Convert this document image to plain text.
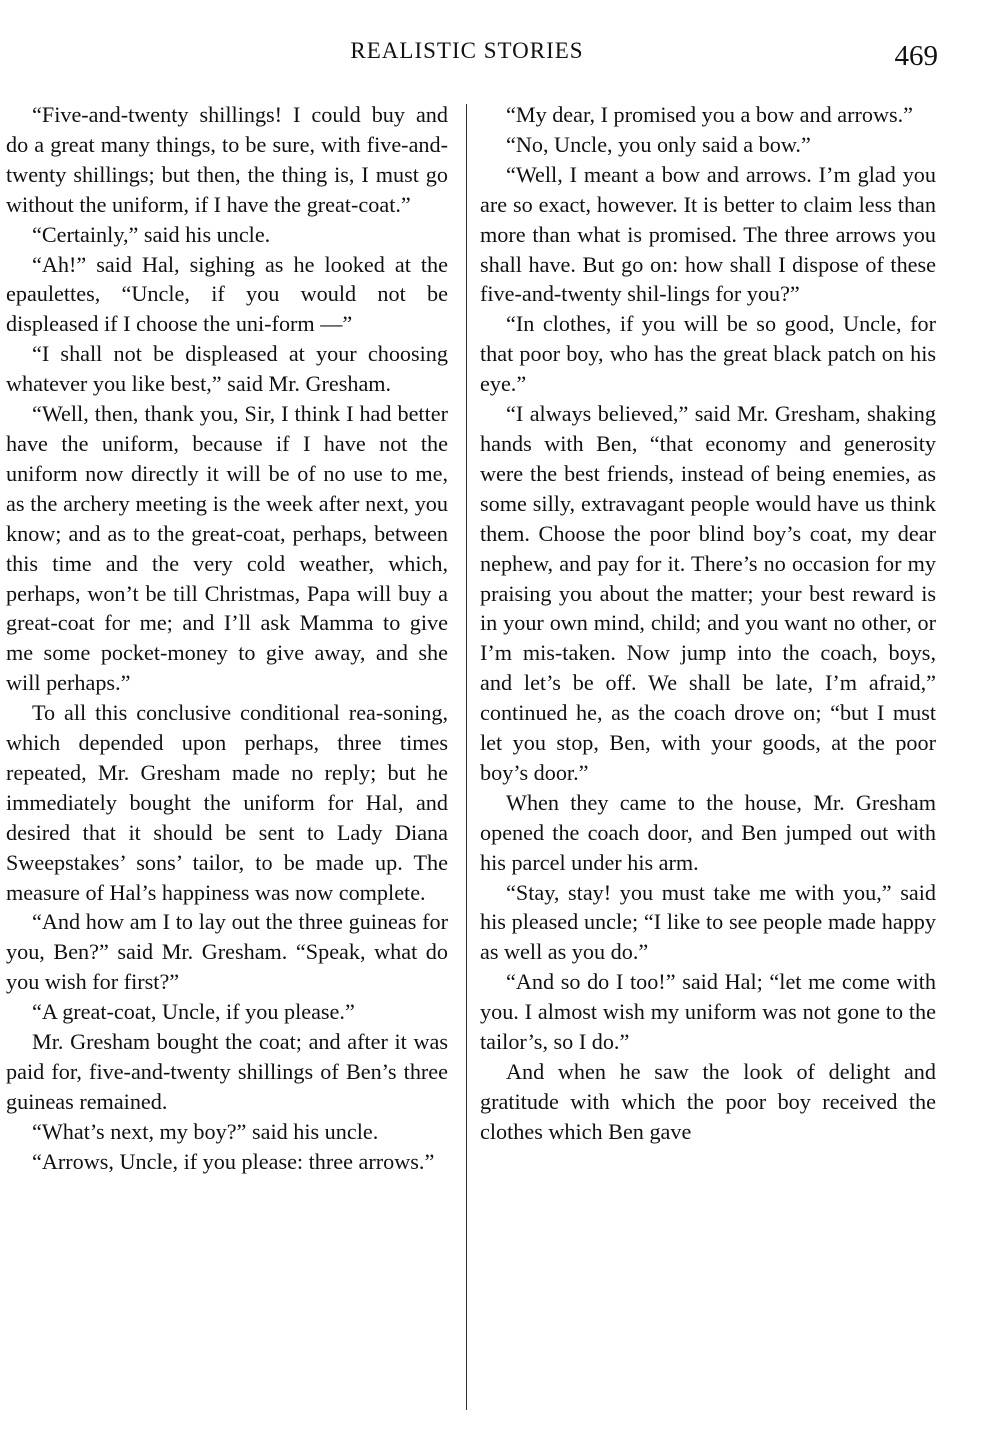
REALISTIC STORIES	469

“Five-and-twenty shillings! I could buy and do a great many things, to be sure, with five-and-twenty shillings; but then, the thing is, I must go without the uniform, if I have the great-coat.”

“Certainly,” said his uncle.

“Ah!” said Hal, sighing as he looked at the epaulettes, “Uncle, if you would not be displeased if I choose the uni-form —”

“I shall not be displeased at your choosing whatever you like best,” said Mr. Gresham.

“Well, then, thank you, Sir, I think I had better have the uniform, because if I have not the uniform now directly it will be of no use to me, as the archery meeting is the week after next, you know; and as to the great-coat, perhaps, between this time and the very cold weather, which, perhaps, won’t be till Christmas, Papa will buy a great-coat for me; and I’ll ask Mamma to give me some pocket-money to give away, and she will perhaps.”

To all this conclusive conditional rea-soning, which depended upon perhaps, three times repeated, Mr. Gresham made no reply; but he immediately bought the uniform for Hal, and desired that it should be sent to Lady Diana Sweepstakes’ sons’ tailor, to be made up. The measure of Hal’s happiness was now complete.

“And how am I to lay out the three guineas for you, Ben?” said Mr. Gresham. “Speak, what do you wish for first?”

“A great-coat, Uncle, if you please.”

Mr. Gresham bought the coat; and after it was paid for, five-and-twenty shillings of Ben’s three guineas remained.

“What’s next, my boy?” said his uncle.

“Arrows, Uncle, if you please: three arrows.”

“My dear, I promised you a bow and arrows.”

“No, Uncle, you only said a bow.”

“Well, I meant a bow and arrows. I’m glad you are so exact, however. It is better to claim less than more than what is promised. The three arrows you shall have. But go on: how shall I dispose of these five-and-twenty shil-lings for you?”

“In clothes, if you will be so good, Uncle, for that poor boy, who has the great black patch on his eye.”

“I always believed,” said Mr. Gresham, shaking hands with Ben, “that economy and generosity were the best friends, instead of being enemies, as some silly, extravagant people would have us think them. Choose the poor blind boy’s coat, my dear nephew, and pay for it. There’s no occasion for my praising you about the matter; your best reward is in your own mind, child; and you want no other, or I’m mis-taken. Now jump into the coach, boys, and let’s be off. We shall be late, I’m afraid,” continued he, as the coach drove on; “but I must let you stop, Ben, with your goods, at the poor boy’s door.”

When they came to the house, Mr. Gresham opened the coach door, and Ben jumped out with his parcel under his arm.

“Stay, stay! you must take me with you,” said his pleased uncle; “I like to see people made happy as well as you do.”

“And so do I too!” said Hal; “let me come with you. I almost wish my uniform was not gone to the tailor’s, so I do.”

And when he saw the look of delight and gratitude with which the poor boy received the clothes which Ben gave
